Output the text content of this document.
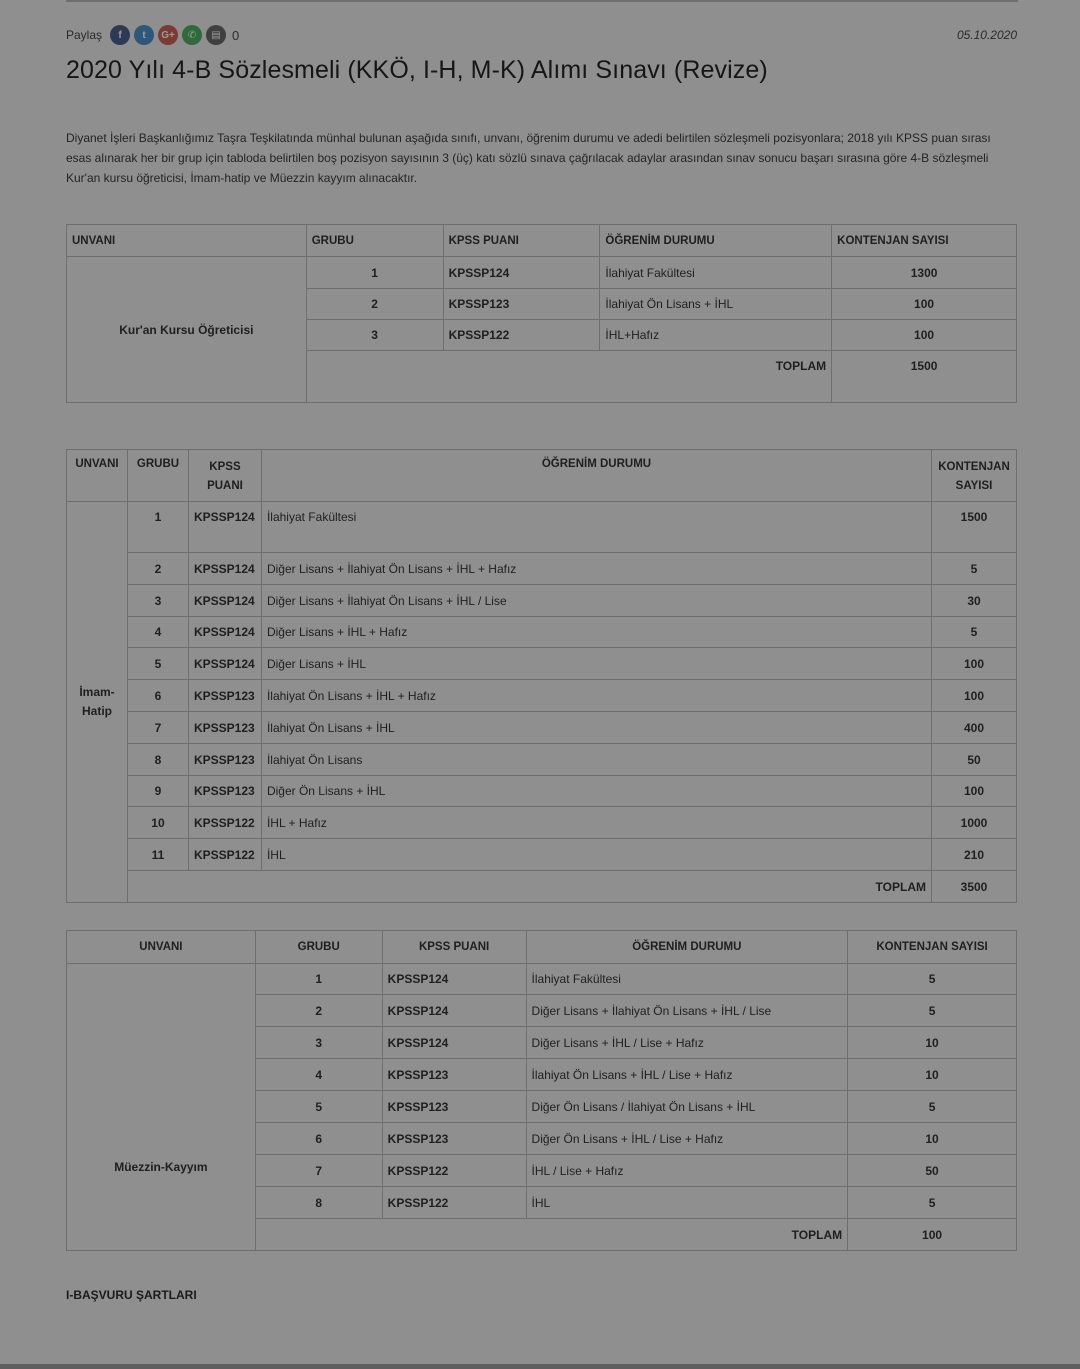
Paylaş	f	t	G+	✆	▤ 0	05.10.2020
2020 Yılı 4-B Sözlesmeli (KKÖ, I-H, M-K) Alımı Sınavı (Revize)

Diyanet İşleri Başkanlığımız Taşra Teşkilatında münhal bulunan aşağıda sınıfı, unvanı, öğrenim durumu ve adedi belirtilen sözleşmeli pozisyonlara; 2018 yılı KPSS puan sırası esas alınarak her bir grup için tabloda belirtilen boş pozisyon sayısının 3 (üç) katı sözlü sınava çağrılacak adaylar arasından sınav sonucu başarı sırasına göre 4-B sözleşmeli Kur'an kursu öğreticisi, İmam-hatip ve Müezzin kayyım alınacaktır.

UNVANI	GRUBU	KPSS PUANI	ÖĞRENİM DURUMU	KONTENJAN SAYISI
Kur'an Kursu Öğreticisi	1	KPSSP124	İlahiyat Fakültesi	1300
	2	KPSSP123	İlahiyat Ön Lisans + İHL	100
	3	KPSSP122	İHL+Hafız	100
	TOPLAM			1500
UNVANI	GRUBU	KPSS PUANI	ÖĞRENİM DURUMU	KONTENJAN SAYISI
İmam-Hatip	1	KPSSP124	İlahiyat Fakültesi	1500
	2	KPSSP124	Diğer Lisans + İlahiyat Ön Lisans + İHL + Hafız	5
	3	KPSSP124	Diğer Lisans + İlahiyat Ön Lisans + İHL / Lise	30
	4	KPSSP124	Diğer Lisans + İHL + Hafız	5
	5	KPSSP124	Diğer Lisans + İHL	100
	6	KPSSP123	İlahiyat Ön Lisans + İHL + Hafız	100
	7	KPSSP123	İlahiyat Ön Lisans + İHL	400
	8	KPSSP123	İlahiyat Ön Lisans	50
	9	KPSSP123	Diğer Ön Lisans + İHL	100
	10	KPSSP122	İHL + Hafız	1000
	11	KPSSP122	İHL	210
	TOPLAM			3500
UNVANI	GRUBU	KPSS PUANI	ÖĞRENİM DURUMU	KONTENJAN SAYISI
Müezzin-Kayyım	1	KPSSP124	İlahiyat Fakültesi	5
	2	KPSSP124	Diğer Lisans + İlahiyat Ön Lisans + İHL / Lise	5
	3	KPSSP124	Diğer Lisans + İHL / Lise + Hafız	10
	4	KPSSP123	İlahiyat Ön Lisans + İHL / Lise + Hafız	10
	5	KPSSP123	Diğer Ön Lisans / İlahiyat Ön Lisans + İHL	5
	6	KPSSP123	Diğer Ön Lisans + İHL / Lise + Hafız	10
	7	KPSSP122	İHL / Lise + Hafız	50
	8	KPSSP122	İHL	5
	TOPLAM			100
I-BAŞVURU ŞARTLARI
